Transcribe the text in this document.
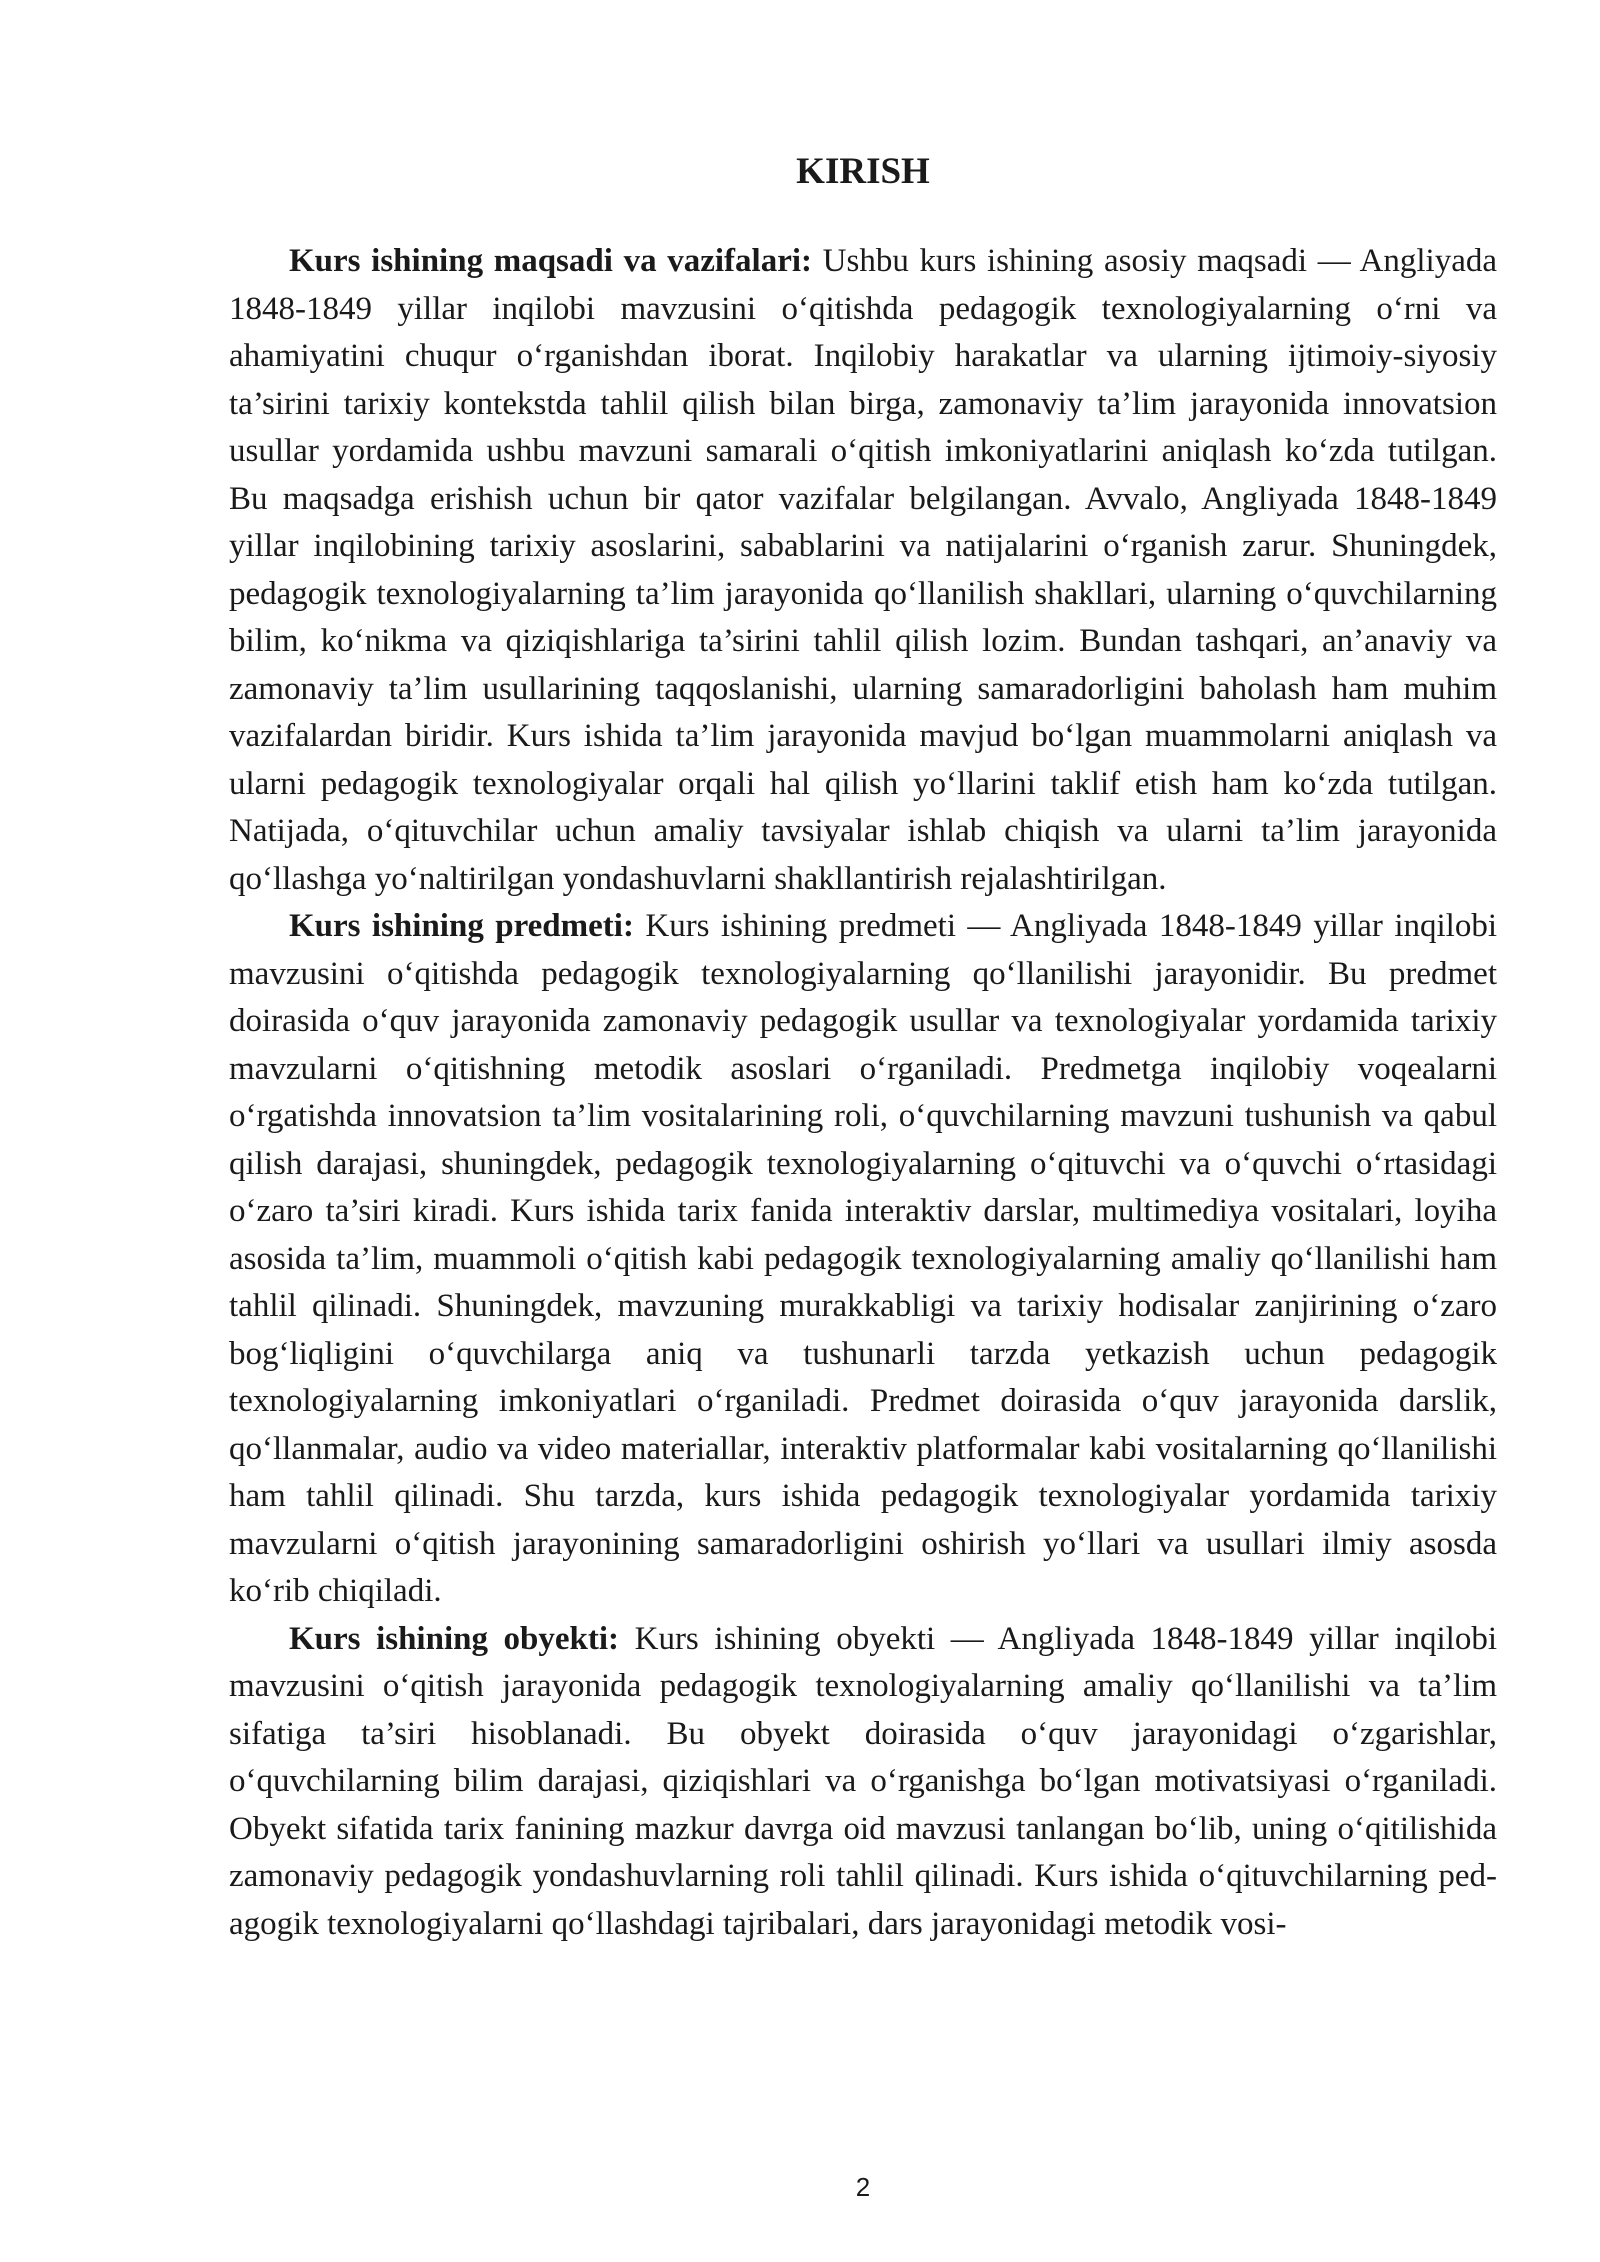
KIRISH

Kurs ishining maqsadi va vazifalari: Ushbu kurs ishining asosiy maqsadi — Angliyada 1848-1849 yillar inqilobi mavzusini o‘qitishda pedagogik texnologiyalarning o‘rni va ahamiyatini chuqur o‘rganishdan iborat. Inqilobiy harakatlar va ularning ijtimoiy-siyosiy ta’sirini tarixiy kontekstda tahlil qilish bilan birga, zamonaviy ta’lim jarayonida innovatsion usullar yordamida ushbu mavzuni samarali o‘qitish imkoniyatlarini aniqlash ko‘zda tutilgan. Bu maqsadga erishish uchun bir qator vazifalar belgilangan. Avvalo, Angliyada 1848-1849 yillar inqilobining tarixiy asoslarini, sabablarini va natijalarini o‘rganish zarur. Shuningdek, pedagogik texnologiyalarning ta’lim jarayonida qo‘llanilish shakllari, ularning o‘quvchilarning bilim, ko‘nikma va qiziqishlariga ta’sirini tahlil qilish lozim. Bundan tashqari, an’anaviy va zamonaviy ta’lim usullarining taqqoslanishi, ularning samaradorligini baholash ham muhim vazifalardan biridir. Kurs ishida ta’lim jarayonida mavjud bo‘lgan muammolarni aniqlash va ularni pedagogik texnologiyalar orqali hal qilish yo‘llarini taklif etish ham ko‘zda tutilgan. Natijada, o‘qituvchilar uchun amaliy tavsiyalar ishlab chiqish va ularni ta’lim jarayonida qo‘llashga yo‘naltirilgan yondashuvlarni shakllantirish rejalashtirilgan.

Kurs ishining predmeti: Kurs ishining predmeti — Angliyada 1848-1849 yillar inqilobi mavzusini o‘qitishda pedagogik texnologiyalarning qo‘llanilishi jarayonidir. Bu predmet doirasida o‘quv jarayonida zamonaviy pedagogik usullar va texnologiyalar yordamida tarixiy mavzularni o‘qitishning metodik asoslari o‘rganiladi. Predmetga inqilobiy voqealarni o‘rgatishda innovatsion ta’lim vositalarining roli, o‘quvchilarning mavzuni tushunish va qabul qilish darajasi, shuningdek, pedagogik texnologiyalarning o‘qituvchi va o‘quvchi o‘rtasidagi o‘zaro ta’siri kiradi. Kurs ishida tarix fanida interaktiv darslar, multimediya vositalari, loyiha asosida ta’lim, muammoli o‘qitish kabi pedagogik texnologiyalarning amaliy qo‘llanilishi ham tahlil qilinadi. Shuningdek, mavzuning murakkabligi va tarixiy hodisalar zanjirining o‘zaro bog‘liqligini o‘quvchilarga aniq va tushunarli tarzda yetkazish uchun pedagogik texnologiyalarning imkoniyatlari o‘rganiladi. Predmet doirasida o‘quv jarayonida darslik, qo‘llanmalar, audio va video materiallar, interaktiv platformalar kabi vositalarning qo‘llanilishi ham tahlil qilinadi. Shu tarzda, kurs ishida pedagogik texnologiyalar yordamida tarixiy mavzularni o‘qitish jarayonining samaradorligini oshirish yo‘llari va usullari ilmiy asosda ko‘rib chiqiladi.

Kurs ishining obyekti: Kurs ishining obyekti — Angliyada 1848-1849 yillar inqilobi mavzusini o‘qitish jarayonida pedagogik texnologiyalarning amaliy qo‘llanilishi va ta’lim sifatiga ta’siri hisoblanadi. Bu obyekt doirasida o‘quv jarayonidagi o‘zgarishlar, o‘quvchilarning bilim darajasi, qiziqishlari va o‘rganishga bo‘lgan motivatsiyasi o‘rganiladi. Obyekt sifatida tarix fanining mazkur davrga oid mavzusi tanlangan bo‘lib, uning o‘qitilishida zamonaviy pedagogik yondashuvlarning roli tahlil qilinadi. Kurs ishida o‘qituvchilarning pedagogik texnologiyalarni qo‘llashdagi tajribalari, dars jarayonidagi metodik vosi-

2
